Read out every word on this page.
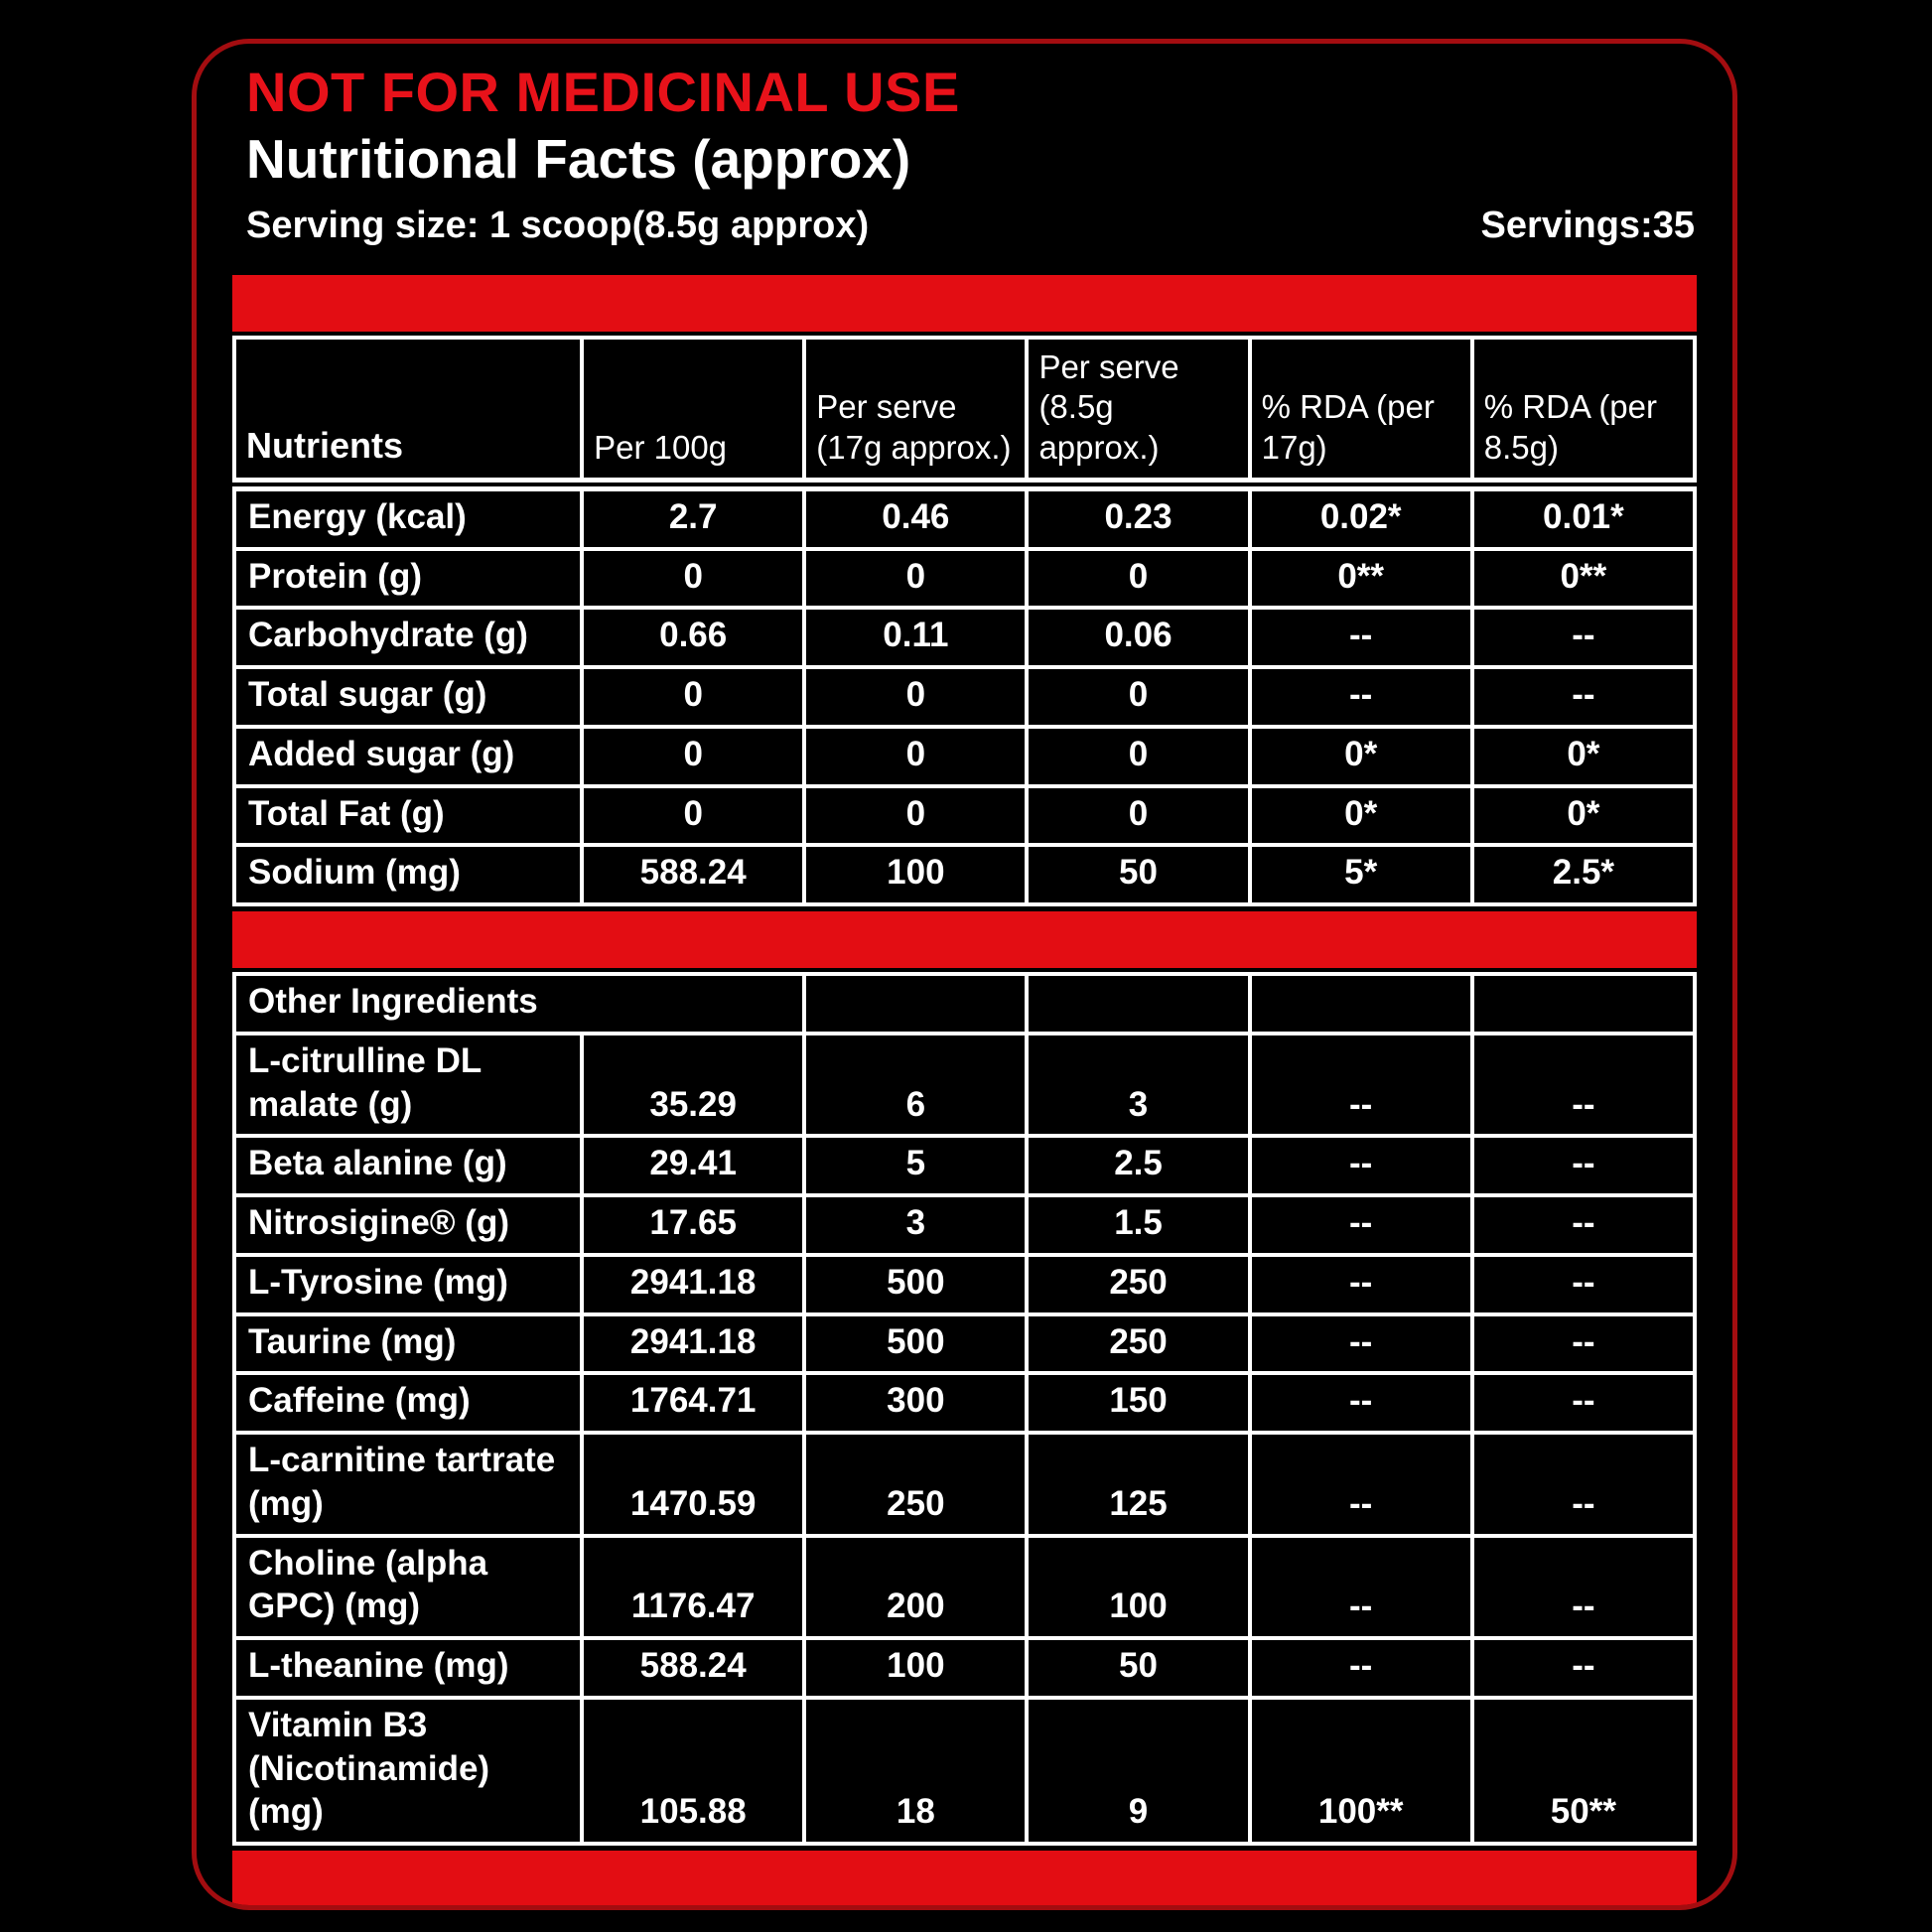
NOT FOR MEDICINAL USE
Nutritional Facts (approx)
Serving size: 1 scoop(8.5g approx)	Servings:35
Nutrients	Per 100g	Per serve (17g approx.)	Per serve (8.5g approx.)	% RDA (per 17g)	% RDA (per 8.5g)
Energy (kcal)	2.7	0.46	0.23	0.02*	0.01*
Protein (g)	0	0	0	0**	0**
Carbohydrate (g)	0.66	0.11	0.06	--	--
Total sugar (g)	0	0	0	--	--
Added sugar (g)	0	0	0	0*	0*
Total Fat (g)	0	0	0	0*	0*
Sodium (mg)	588.24	100	50	5*	2.5*
Other Ingredients					
L-citrulline DL malate (g)	35.29	6	3	--	--
Beta alanine (g)	29.41	5	2.5	--	--
Nitrosigine® (g)	17.65	3	1.5	--	--
L-Tyrosine (mg)	2941.18	500	250	--	--
Taurine (mg)	2941.18	500	250	--	--
Caffeine (mg)	1764.71	300	150	--	--
L-carnitine tartrate (mg)	1470.59	250	125	--	--
Choline (alpha GPC) (mg)	1176.47	200	100	--	--
L-theanine (mg)	588.24	100	50	--	--
Vitamin B3 (Nicotinamide) (mg)	105.88	18	9	100**	50**
